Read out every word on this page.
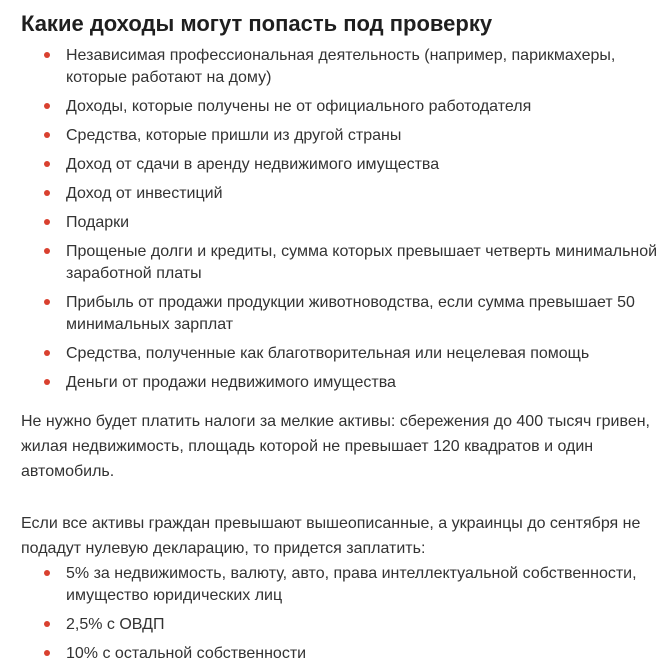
Какие доходы могут попасть под проверку
Независимая профессиональная деятельность (например, парикмахеры, которые работают на дому)
Доходы, которые получены не от официального работодателя
Средства, которые пришли из другой страны
Доход от сдачи в аренду недвижимого имущества
Доход от инвестиций
Подарки
Прощеные долги и кредиты, сумма которых превышает четверть минимальной заработной платы
Прибыль от продажи продукции животноводства, если сумма превышает 50 минимальных зарплат
Средства, полученные как благотворительная или нецелевая помощь
Деньги от продажи недвижимого имущества

Не нужно будет платить налоги за мелкие активы: сбережения до 400 тысяч гривен, жилая недвижимость, площадь которой не превышает 120 квадратов и один автомобиль.

Если все активы граждан превышают вышеописанные, а украинцы до сентября не подадут нулевую декларацию, то придется заплатить:

5% за недвижимость, валюту, авто, права интеллектуальной собственности, имущество юридических лиц
2,5% с ОВДП
10% с остальной собственности
